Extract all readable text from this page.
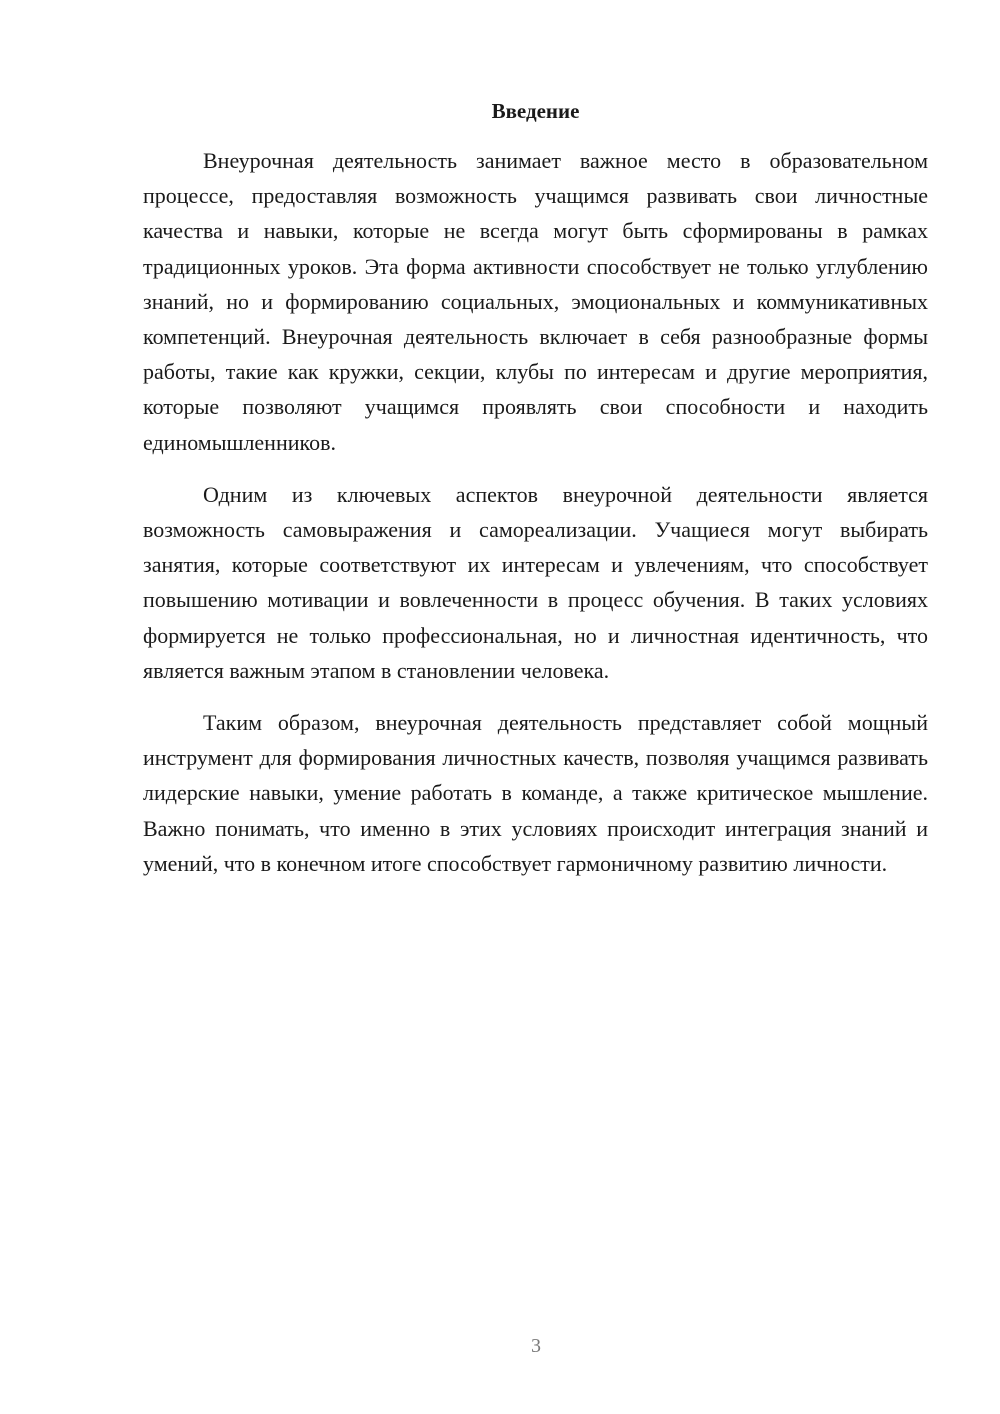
Введение

Внеурочная деятельность занимает важное место в образовательном процессе, предоставляя возможность учащимся развивать свои личностные качества и навыки, которые не всегда могут быть сформированы в рамках традиционных уроков. Эта форма активности способствует не только углублению знаний, но и формированию социальных, эмоциональных и коммуникативных компетенций. Внеурочная деятельность включает в себя разнообразные формы работы, такие как кружки, секции, клубы по интересам и другие мероприятия, которые позволяют учащимся проявлять свои способности и находить единомышленников.

Одним из ключевых аспектов внеурочной деятельности является возможность самовыражения и самореализации. Учащиеся могут выбирать занятия, которые соответствуют их интересам и увлечениям, что способствует повышению мотивации и вовлеченности в процесс обучения. В таких условиях формируется не только профессиональная, но и личностная идентичность, что является важным этапом в становлении человека.

Таким образом, внеурочная деятельность представляет собой мощный инструмент для формирования личностных качеств, позволяя учащимся развивать лидерские навыки, умение работать в команде, а также критическое мышление. Важно понимать, что именно в этих условиях происходит интеграция знаний и умений, что в конечном итоге способствует гармоничному развитию личности.

3
